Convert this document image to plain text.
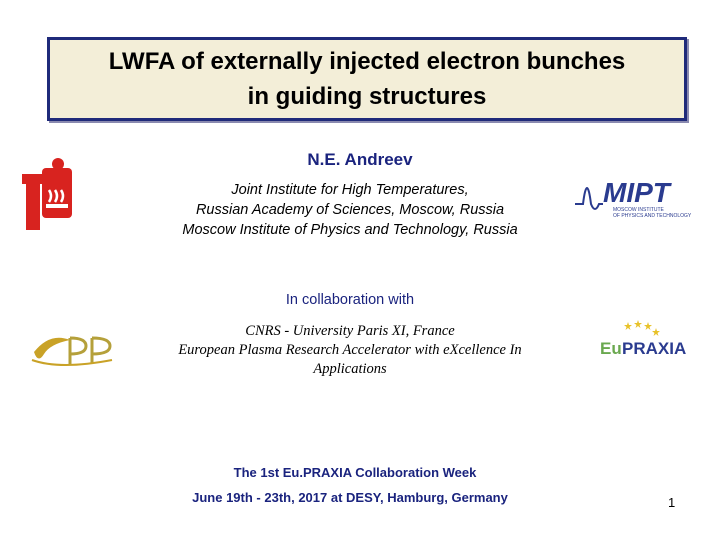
LWFA of externally injected electron bunches
in guiding structures
MIPT
MOSCOW INSTITUTE
OF PHYSICS AND TECHNOLOGY
Eu PRAXIA
N.E. Andreev
Joint Institute for High Temperatures,
Russian Academy of Sciences, Moscow, Russia
Moscow Institute of Physics and Technology, Russia
In collaboration with
CNRS - University Paris XI, France
European Plasma Research Accelerator with eXcellence In
Applications
The 1st Eu.PRAXIA Collaboration Week
June 19th - 23th, 2017 at DESY, Hamburg, Germany	1
